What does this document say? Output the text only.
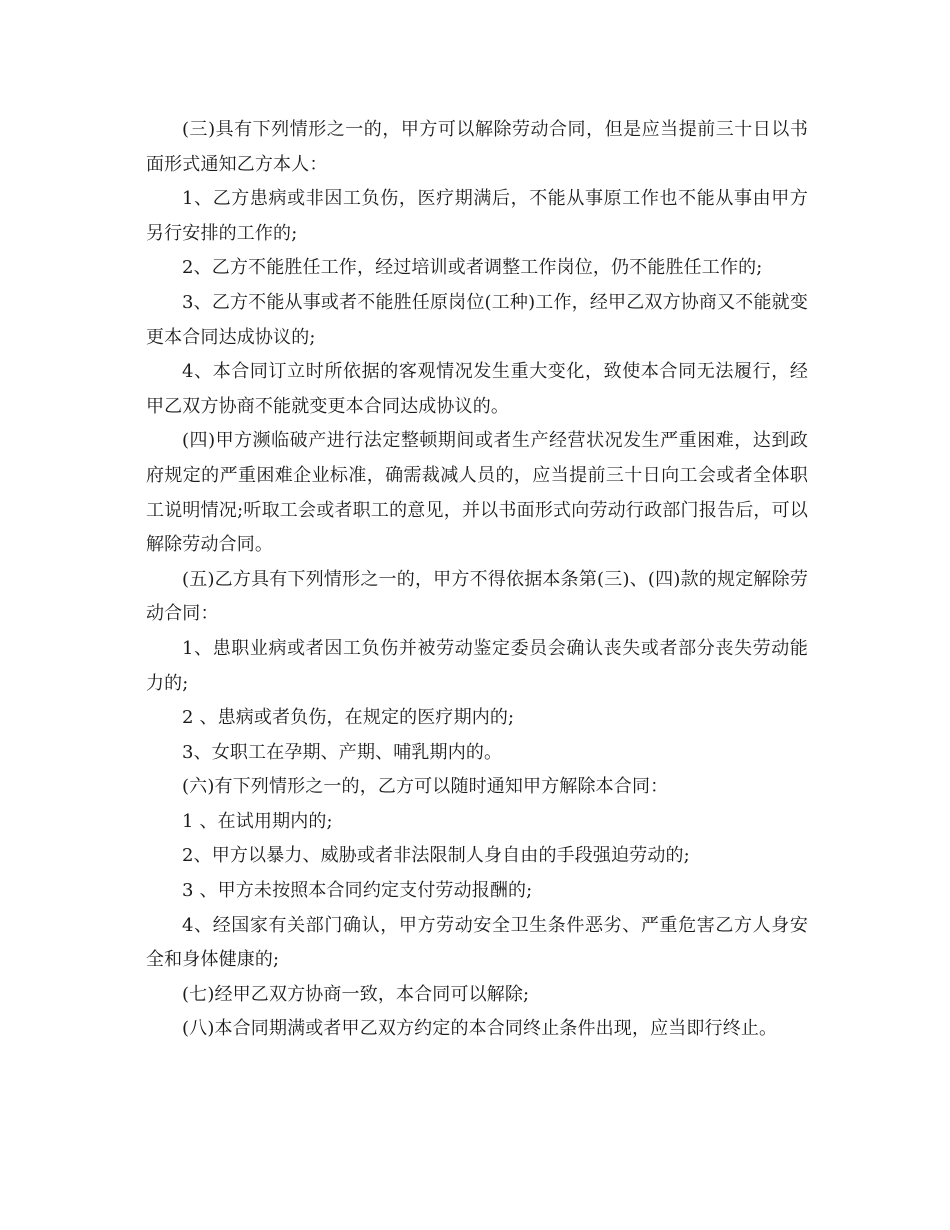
(三)具有下列情形之一的，甲方可以解除劳动合同，但是应当提前三十日以书面形式通知乙方本人：

1、乙方患病或非因工负伤，医疗期满后，不能从事原工作也不能从事由甲方另行安排的工作的;

2、乙方不能胜任工作，经过培训或者调整工作岗位，仍不能胜任工作的;

3、乙方不能从事或者不能胜任原岗位(工种)工作，经甲乙双方协商又不能就变更本合同达成协议的;

4、本合同订立时所依据的客观情况发生重大变化，致使本合同无法履行，经甲乙双方协商不能就变更本合同达成协议的。

(四)甲方濒临破产进行法定整顿期间或者生产经营状况发生严重困难，达到政府规定的严重困难企业标准，确需裁减人员的，应当提前三十日向工会或者全体职工说明情况;听取工会或者职工的意见，并以书面形式向劳动行政部门报告后，可以解除劳动合同。

(五)乙方具有下列情形之一的，甲方不得依据本条第(三)、(四)款的规定解除劳动合同：

1、患职业病或者因工负伤并被劳动鉴定委员会确认丧失或者部分丧失劳动能力的;

2 、患病或者负伤，在规定的医疗期内的;

3、女职工在孕期、产期、哺乳期内的。

(六)有下列情形之一的，乙方可以随时通知甲方解除本合同：

1 、在试用期内的;

2、甲方以暴力、威胁或者非法限制人身自由的手段强迫劳动的;

3 、甲方未按照本合同约定支付劳动报酬的;

4、经国家有关部门确认，甲方劳动安全卫生条件恶劣、严重危害乙方人身安全和身体健康的;

(七)经甲乙双方协商一致，本合同可以解除;

(八)本合同期满或者甲乙双方约定的本合同终止条件出现，应当即行终止。
